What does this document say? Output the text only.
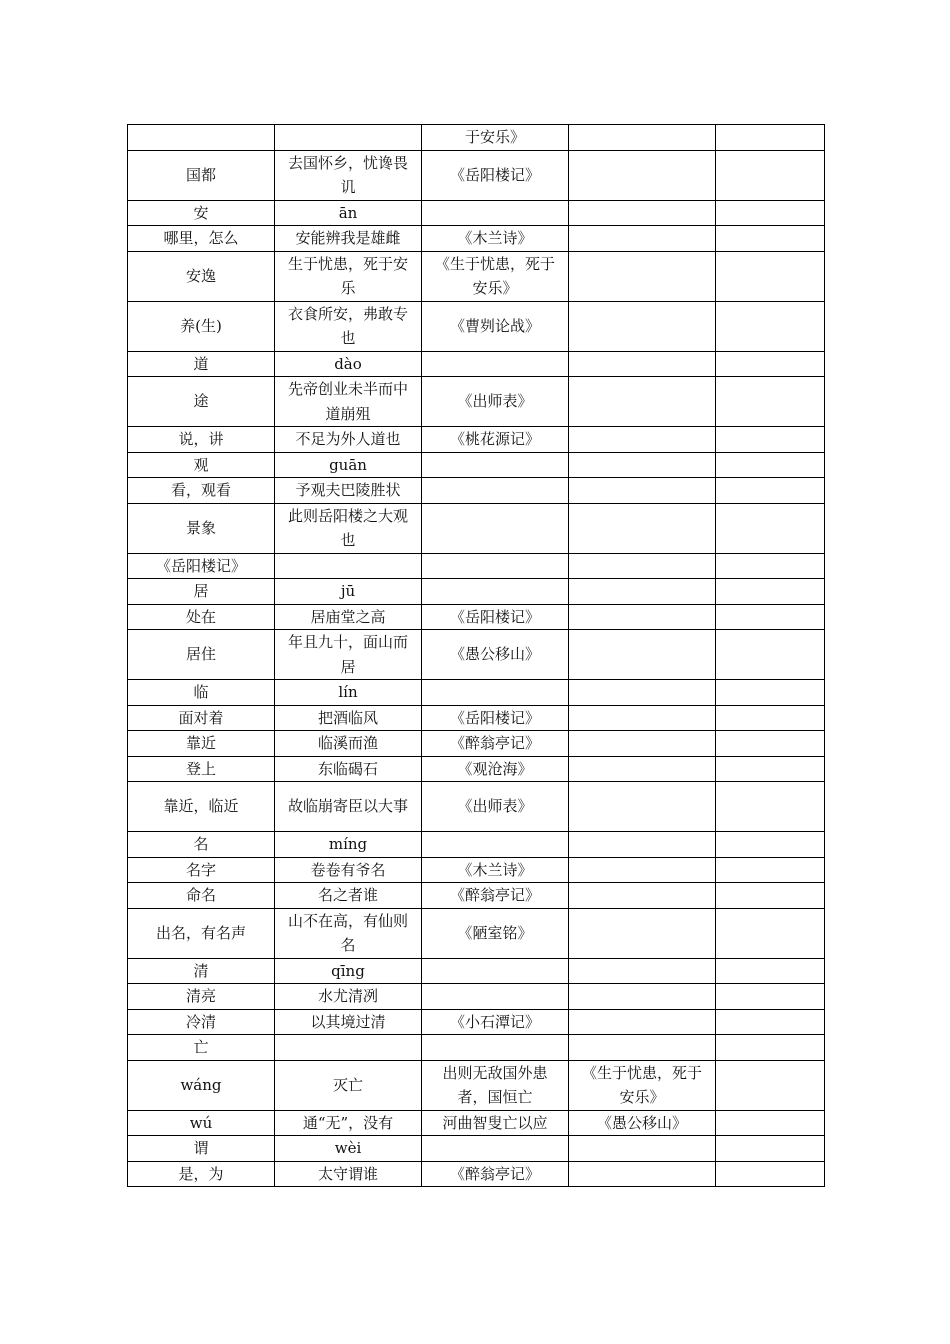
		于安乐》		
国都	去国怀乡，忧谗畏讥	《岳阳楼记》		
安	ān			
哪里，怎么	安能辨我是雄雌	《木兰诗》		
安逸	生于忧患，死于安乐	《生于忧患，死于安乐》		
养(生)	衣食所安，弗敢专也	《曹刿论战》		
道	dào			
途	先帝创业未半而中道崩殂	《出师表》		
说，讲	不足为外人道也	《桃花源记》		
观	guān			
看，观看	予观夫巴陵胜状			
景象	此则岳阳楼之大观也			
《岳阳楼记》				
居	jū			
处在	居庙堂之高	《岳阳楼记》		
居住	年且九十，面山而居	《愚公移山》		
临	lín			
面对着	把酒临风	《岳阳楼记》		
靠近	临溪而渔	《醉翁亭记》		
登上	东临碣石	《观沧海》		
靠近，临近	故临崩寄臣以大事	《出师表》		
名	míng			
名字	卷卷有爷名	《木兰诗》		
命名	名之者谁	《醉翁亭记》		
出名，有名声	山不在高，有仙则名	《陋室铭》		
清	qīng			
清亮	水尤清冽			
冷清	以其境过清	《小石潭记》		
亡				
wáng	灭亡	出则无敌国外患者，国恒亡	《生于忧患，死于安乐》	
wú	通“无”，没有	河曲智叟亡以应	《愚公移山》	
谓	wèi			
是，为	太守谓谁	《醉翁亭记》		
